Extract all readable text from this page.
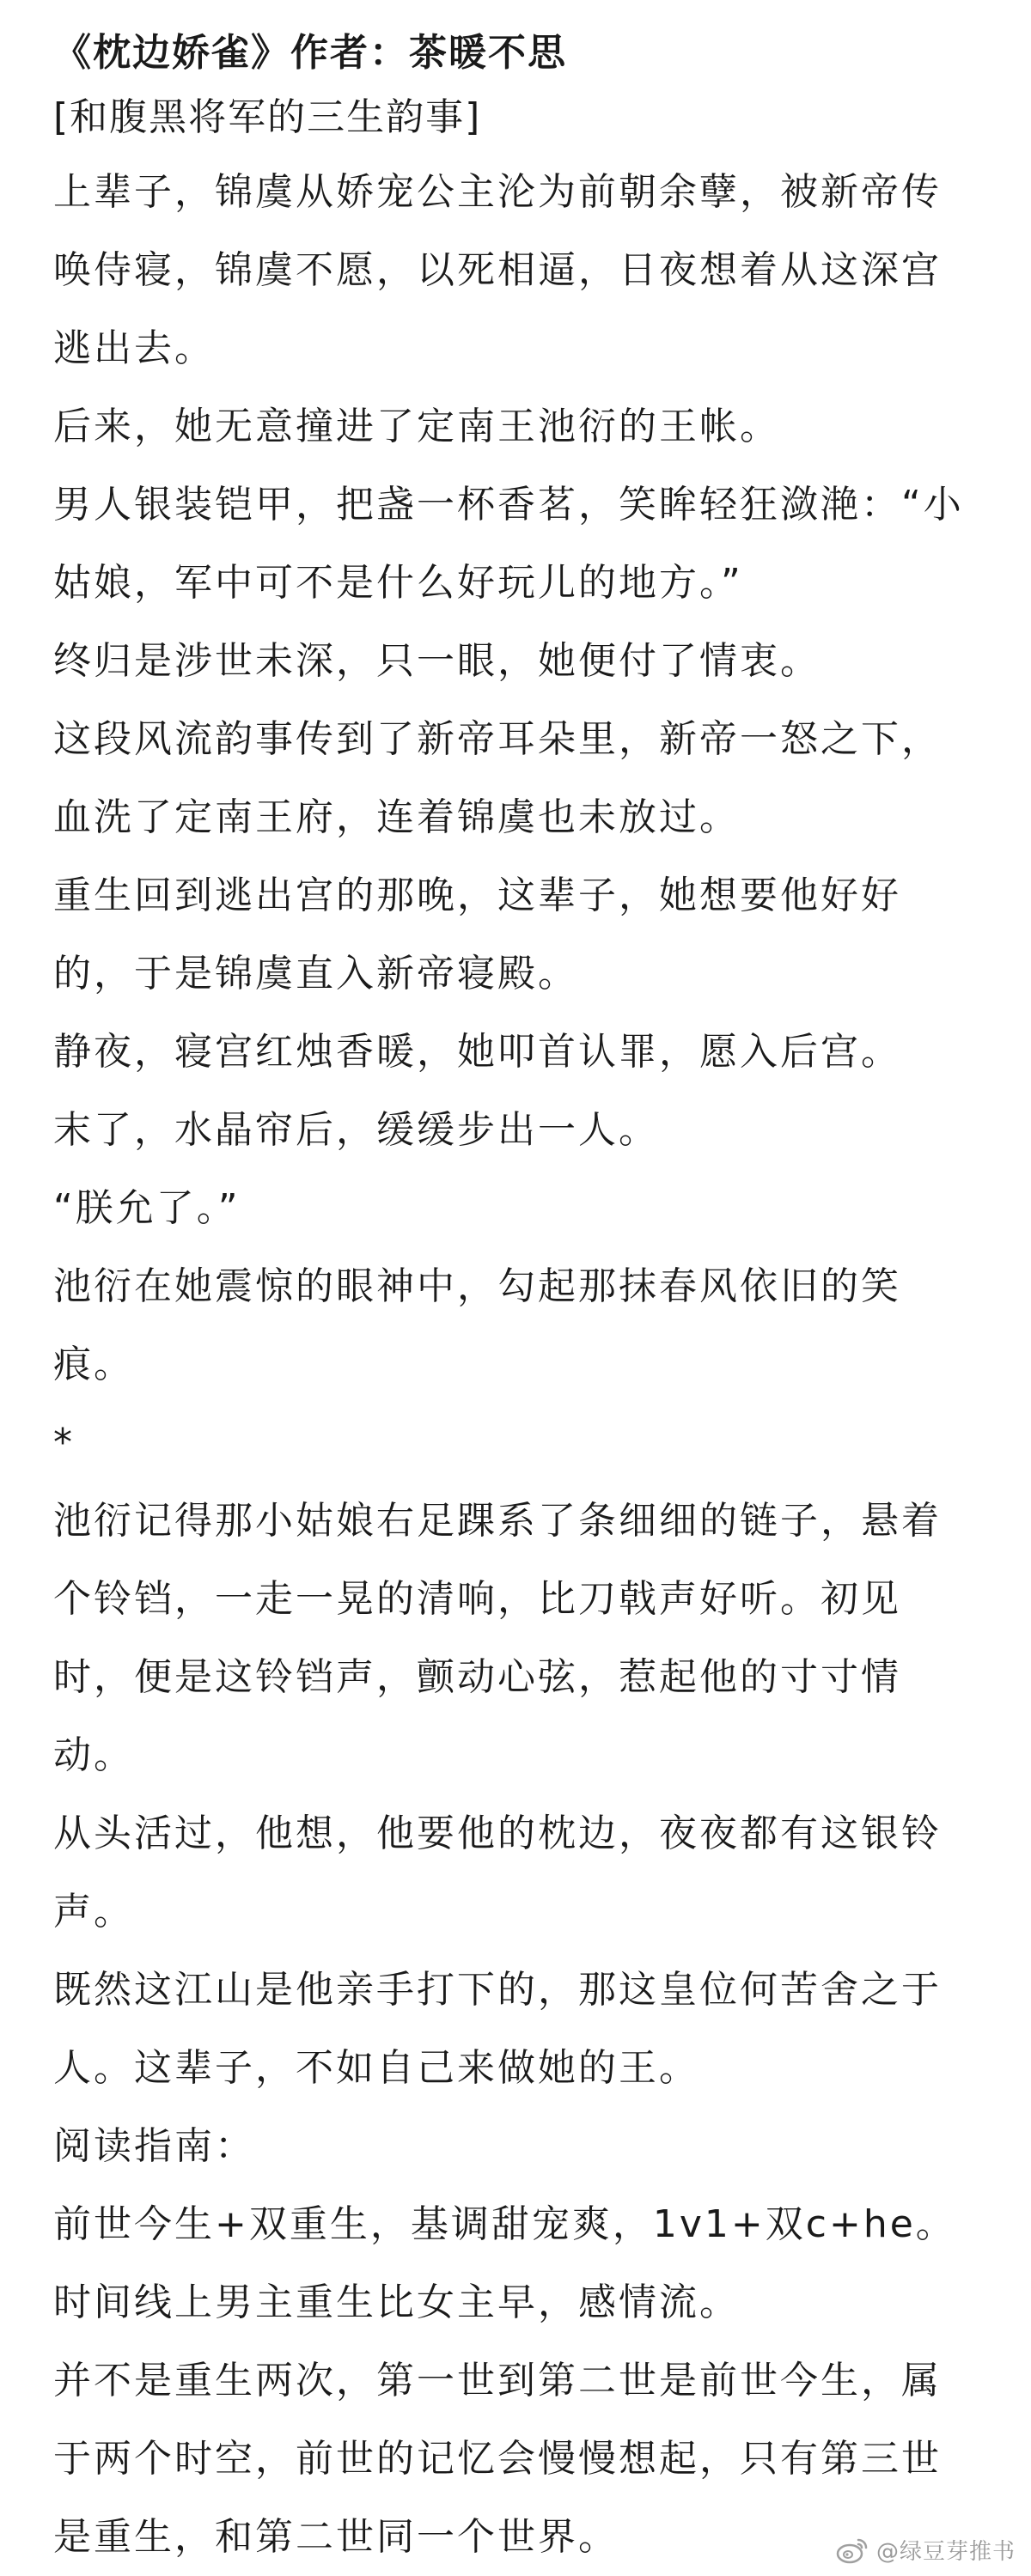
《枕边娇雀》作者：茶暖不思
[和腹黑将军的三生韵事]
上辈子，锦虞从娇宠公主沦为前朝余孽，被新帝传
唤侍寝，锦虞不愿，以死相逼，日夜想着从这深宫
逃出去。
后来，她无意撞进了定南王池衍的王帐。
男人银装铠甲，把盏一杯香茗，笑眸轻狂潋滟：“小
姑娘，军中可不是什么好玩儿的地方。”
终归是涉世未深，只一眼，她便付了情衷。
这段风流韵事传到了新帝耳朵里，新帝一怒之下，
血洗了定南王府，连着锦虞也未放过。
重生回到逃出宫的那晚，这辈子，她想要他好好
的，于是锦虞直入新帝寝殿。
静夜，寝宫红烛香暖，她叩首认罪，愿入后宫。
末了，水晶帘后，缓缓步出一人。
“朕允了。”
池衍在她震惊的眼神中，勾起那抹春风依旧的笑
痕。
*
池衍记得那小姑娘右足踝系了条细细的链子，悬着
个铃铛，一走一晃的清响，比刀戟声好听。初见
时，便是这铃铛声，颤动心弦，惹起他的寸寸情
动。
从头活过，他想，他要他的枕边，夜夜都有这银铃
声。
既然这江山是他亲手打下的，那这皇位何苦舍之于
人。这辈子，不如自己来做她的王。
阅读指南：
前世今生+双重生，基调甜宠爽，1v1+双c+he。
时间线上男主重生比女主早，感情流。
并不是重生两次，第一世到第二世是前世今生，属
于两个时空，前世的记忆会慢慢想起，只有第三世
是重生，和第二世同一个世界。	@绿豆芽推书
